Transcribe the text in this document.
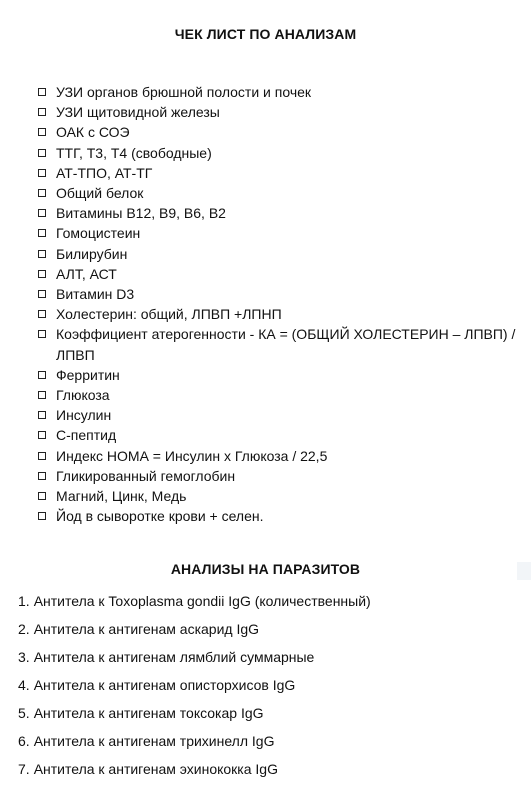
ЧЕК ЛИСТ ПО АНАЛИЗАМ
УЗИ органов брюшной полости и почек
УЗИ щитовидной железы
ОАК с СОЭ
ТТГ, Т3, Т4 (свободные)
АТ-ТПО, АТ-ТГ
Общий белок
Витамины В12, В9, В6, В2
Гомоцистеин
Билирубин
АЛТ, АСТ
Витамин D3
Холестерин: общий, ЛПВП +ЛПНП
Коэффициент атерогенности - КА = (ОБЩИЙ ХОЛЕСТЕРИН – ЛПВП) / ЛПВП
Ферритин
Глюкоза
Инсулин
С-пептид
Индекс НОМА = Инсулин х Глюкоза / 22,5
Гликированный гемоглобин
Магний, Цинк, Медь
Йод в сыворотке крови + селен.
АНАЛИЗЫ НА ПАРАЗИТОВ
1. Антитела к Toxoplasma gondii IgG (количественный)
2. Антитела к антигенам аскарид IgG
3. Антитела к антигенам лямблий суммарные
4. Антитела к антигенам описторхисов IgG
5. Антитела к антигенам токсокар IgG
6. Антитела к антигенам трихинелл IgG
7. Антитела к антигенам эхинококка IgG
